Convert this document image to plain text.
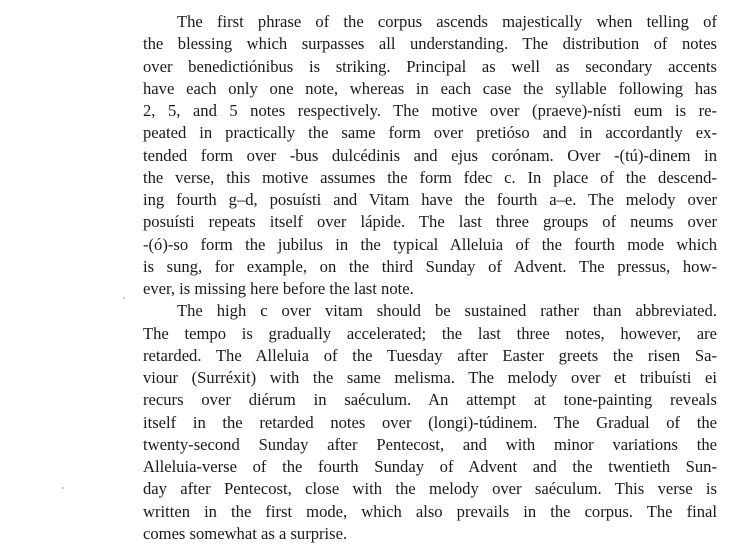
The first phrase of the corpus ascends majestically when telling of
the blessing which surpasses all understanding. The distribution of notes
over benedictiónibus is striking. Principal as well as secondary accents
have each only one note, whereas in each case the syllable following has
2, 5, and 5 notes respectively. The motive over (praeve)-nísti eum is re-
peated in practically the same form over pretióso and in accordantly ex-
tended form over -bus dulcédinis and ejus corónam. Over -(tú)-dinem in
the verse, this motive assumes the form fdec c. In place of the descend-
ing fourth g–d, posuísti and Vitam have the fourth a–e. The melody over
posuísti repeats itself over lápide. The last three groups of neums over
-(ó)-so form the jubilus in the typical Alleluia of the fourth mode which
is sung, for example, on the third Sunday of Advent. The pressus, how-
ever, is missing here before the last note.
The high c over vitam should be sustained rather than abbreviated.
The tempo is gradually accelerated; the last three notes, however, are
retarded. The Alleluia of the Tuesday after Easter greets the risen Sa-
viour (Surréxit) with the same melisma. The melody over et tribuísti ei
recurs over diérum in saéculum. An attempt at tone-painting reveals
itself in the retarded notes over (longi)-túdinem. The Gradual of the
twenty-second Sunday after Pentecost, and with minor variations the
Alleluia-verse of the fourth Sunday of Advent and the twentieth Sun-
day after Pentecost, close with the melody over saéculum. This verse is
written in the first mode, which also prevails in the corpus. The final
comes somewhat as a surprise.
